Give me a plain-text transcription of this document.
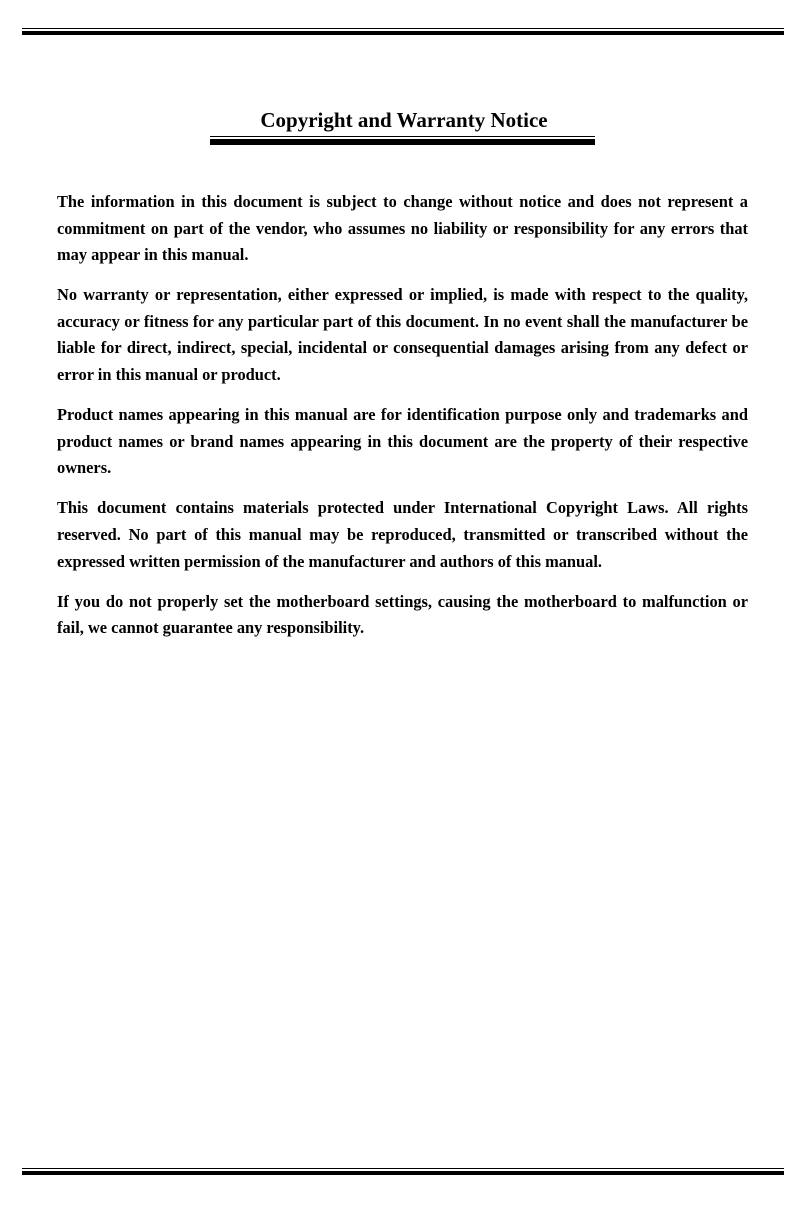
Copyright and Warranty Notice

The information in this document is subject to change without notice and does not represent a commitment on part of the vendor, who assumes no liability or responsibility for any errors that may appear in this manual.

No warranty or representation, either expressed or implied, is made with respect to the quality, accuracy or fitness for any particular part of this document. In no event shall the manufacturer be liable for direct, indirect, special, incidental or consequential damages arising from any defect or error in this manual or product.

Product names appearing in this manual are for identification purpose only and trademarks and product names or brand names appearing in this document are the property of their respective owners.

This document contains materials protected under International Copyright Laws. All rights reserved. No part of this manual may be reproduced, transmitted or transcribed without the expressed written permission of the manufacturer and authors of this manual.

If you do not properly set the motherboard settings, causing the motherboard to malfunction or fail, we cannot guarantee any responsibility.
